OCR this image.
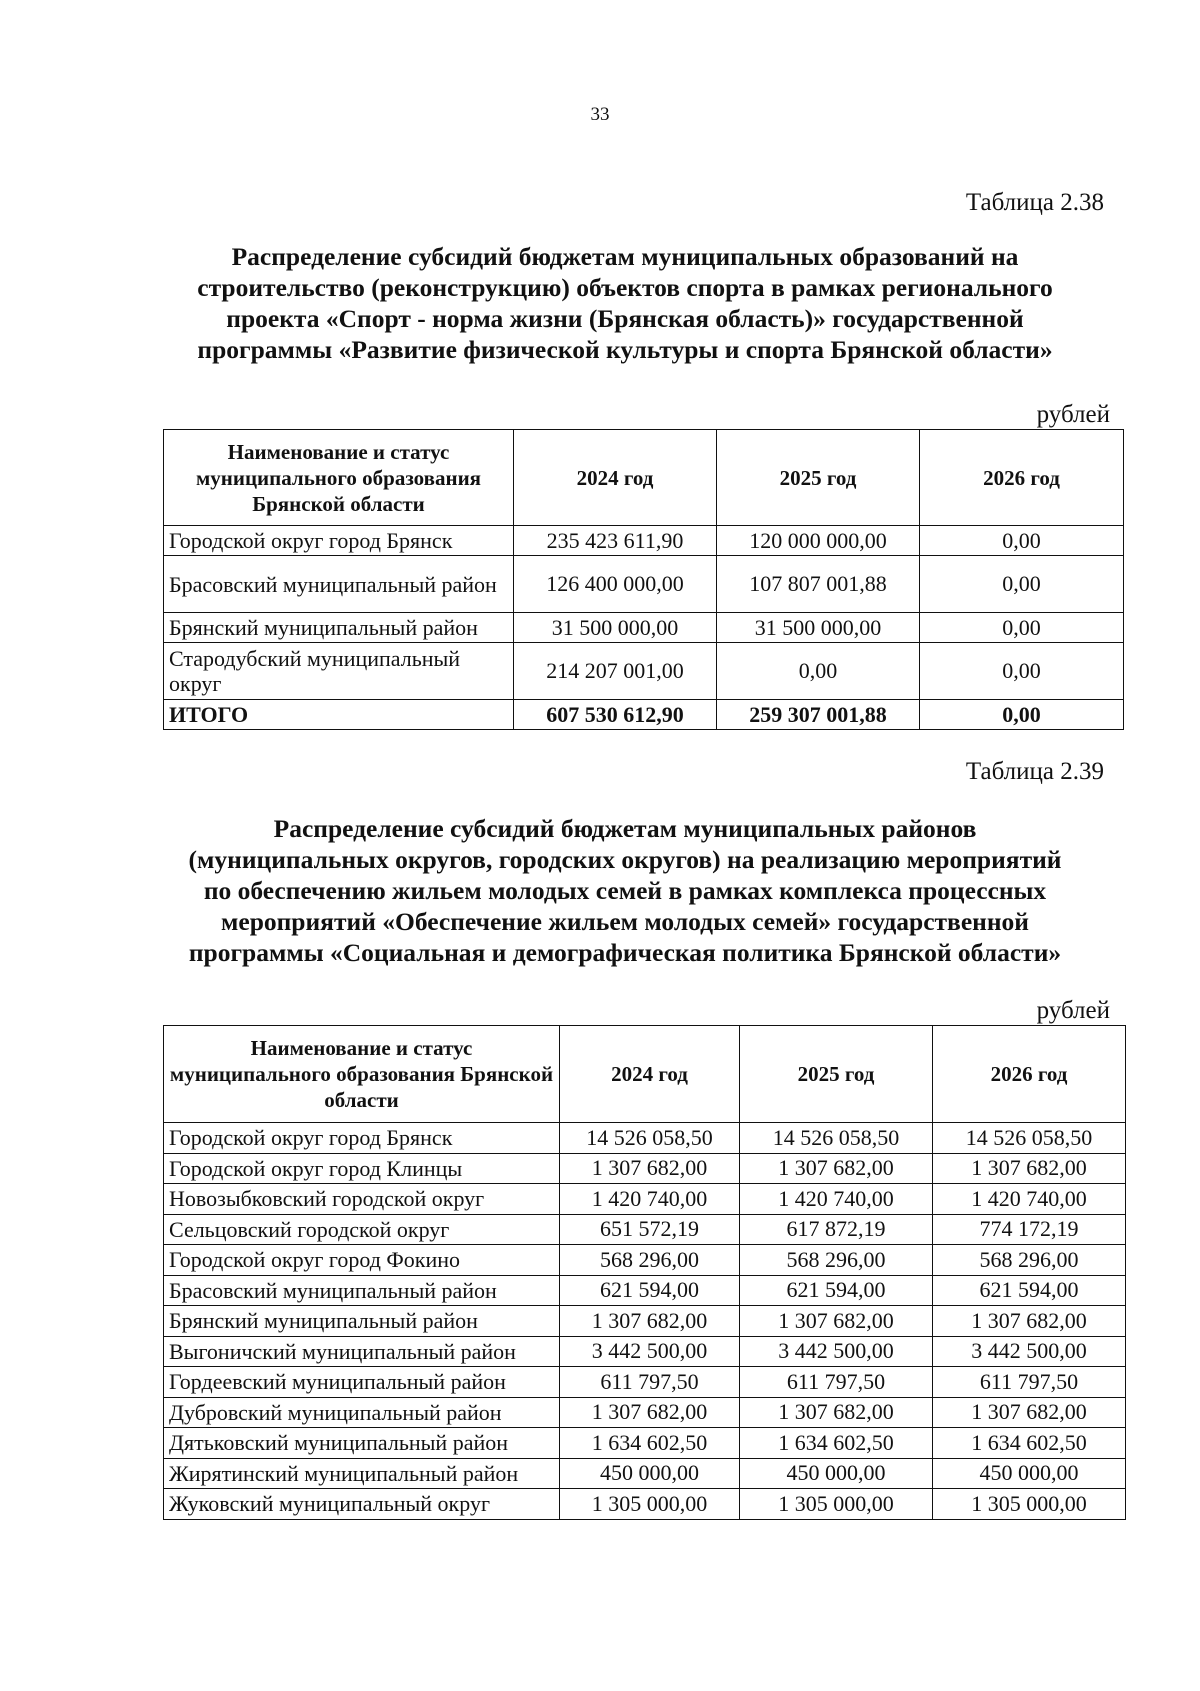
33
Таблица 2.38
Распределение субсидий бюджетам муниципальных образований на
строительство (реконструкцию) объектов спорта в рамках регионального
проекта «Спорт - норма жизни (Брянская область)» государственной
программы «Развитие физической культуры и спорта Брянской области»
рублей
Наименование и статус муниципального образования Брянской области	2024 год	2025 год	2026 год
Городской округ город Брянск	235 423 611,90	120 000 000,00	0,00
Брасовский муниципальный район	126 400 000,00	107 807 001,88	0,00
Брянский муниципальный район	31 500 000,00	31 500 000,00	0,00
Стародубский муниципальный округ	214 207 001,00	0,00	0,00
ИТОГО	607 530 612,90	259 307 001,88	0,00
Таблица 2.39
Распределение субсидий бюджетам муниципальных районов
(муниципальных округов, городских округов) на реализацию мероприятий
по обеспечению жильем молодых семей в рамках комплекса процессных
мероприятий «Обеспечение жильем молодых семей» государственной
программы «Социальная и демографическая политика Брянской области»
рублей
Наименование и статус муниципального образования Брянской области	2024 год	2025 год	2026 год
Городской округ город Брянск	14 526 058,50	14 526 058,50	14 526 058,50
Городской округ город Клинцы	1 307 682,00	1 307 682,00	1 307 682,00
Новозыбковский городской округ	1 420 740,00	1 420 740,00	1 420 740,00
Сельцовский городской округ	651 572,19	617 872,19	774 172,19
Городской округ город Фокино	568 296,00	568 296,00	568 296,00
Брасовский муниципальный район	621 594,00	621 594,00	621 594,00
Брянский муниципальный район	1 307 682,00	1 307 682,00	1 307 682,00
Выгоничский муниципальный район	3 442 500,00	3 442 500,00	3 442 500,00
Гордеевский муниципальный район	611 797,50	611 797,50	611 797,50
Дубровский муниципальный район	1 307 682,00	1 307 682,00	1 307 682,00
Дятьковский муниципальный район	1 634 602,50	1 634 602,50	1 634 602,50
Жирятинский муниципальный район	450 000,00	450 000,00	450 000,00
Жуковский муниципальный округ	1 305 000,00	1 305 000,00	1 305 000,00
